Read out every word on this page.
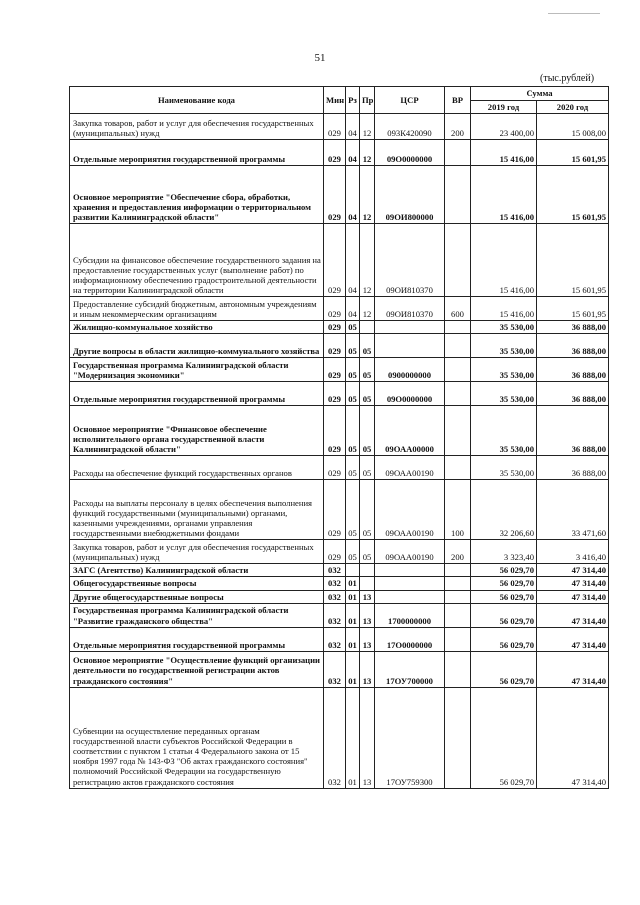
51
(тыс.рублей)
Наименование кода	Мин	Рз	Пр	ЦСР	ВР	Сумма	
						2019 год	2020 год
Закупка товаров, работ и услуг для обеспечения государственных (муниципальных) нужд	029	04	12	093К420090	200	23 400,00	15 008,00
Отдельные мероприятия государственной программы	029	04	12	09О0000000		15 416,00	15 601,95
Основное мероприятие "Обеспечение сбора, обработки, хранения и предоставления информации о территориальном развитии Калининградской области"	029	04	12	09ОИ800000		15 416,00	15 601,95
Субсидии на финансовое обеспечение государственного задания на предоставление государственных услуг (выполнение работ) по информационному обеспечению градостроительной деятельности на территории Калининградской области	029	04	12	09ОИ810370		15 416,00	15 601,95
Предоставление субсидий бюджетным, автономным учреждениям и иным некоммерческим организациям	029	04	12	09ОИ810370	600	15 416,00	15 601,95
Жилищно-коммунальное хозяйство	029	05				35 530,00	36 888,00
Другие вопросы в области жилищно-коммунального хозяйства	029	05	05			35 530,00	36 888,00
Государственная программа Калининградской области "Модернизация экономики"	029	05	05	0900000000		35 530,00	36 888,00
Отдельные мероприятия государственной программы	029	05	05	09О0000000		35 530,00	36 888,00
Основное мероприятие "Финансовое обеспечение исполнительного органа государственной власти Калининградской области"	029	05	05	09ОАА00000		35 530,00	36 888,00
Расходы на обеспечение функций государственных органов	029	05	05	09ОАА00190		35 530,00	36 888,00
Расходы на выплаты персоналу в целях обеспечения выполнения функций государственными (муниципальными) органами, казенными учреждениями, органами управления государственными внебюджетными фондами	029	05	05	09ОАА00190	100	32 206,60	33 471,60
Закупка товаров, работ и услуг для обеспечения государственных (муниципальных) нужд	029	05	05	09ОАА00190	200	3 323,40	3 416,40
ЗАГС (Агентство) Калининградской области	032					56 029,70	47 314,40
Общегосударственные вопросы	032	01				56 029,70	47 314,40
Другие общегосударственные вопросы	032	01	13			56 029,70	47 314,40
Государственная программа Калининградской области "Развитие гражданского общества"	032	01	13	1700000000		56 029,70	47 314,40
Отдельные мероприятия государственной программы	032	01	13	17О0000000		56 029,70	47 314,40
Основное мероприятие "Осуществление функций организации деятельности по государственной регистрации актов гражданского состояния"	032	01	13	17ОУ700000		56 029,70	47 314,40
Субвенции на осуществление переданных органам государственной власти субъектов Российской Федерации в соответствии с пунктом 1 статьи 4 Федерального закона от 15 ноября 1997 года № 143-ФЗ "Об актах гражданского состояния" полномочий Российской Федерации на государственную регистрацию актов гражданского состояния	032	01	13	17ОУ759300		56 029,70	47 314,40
